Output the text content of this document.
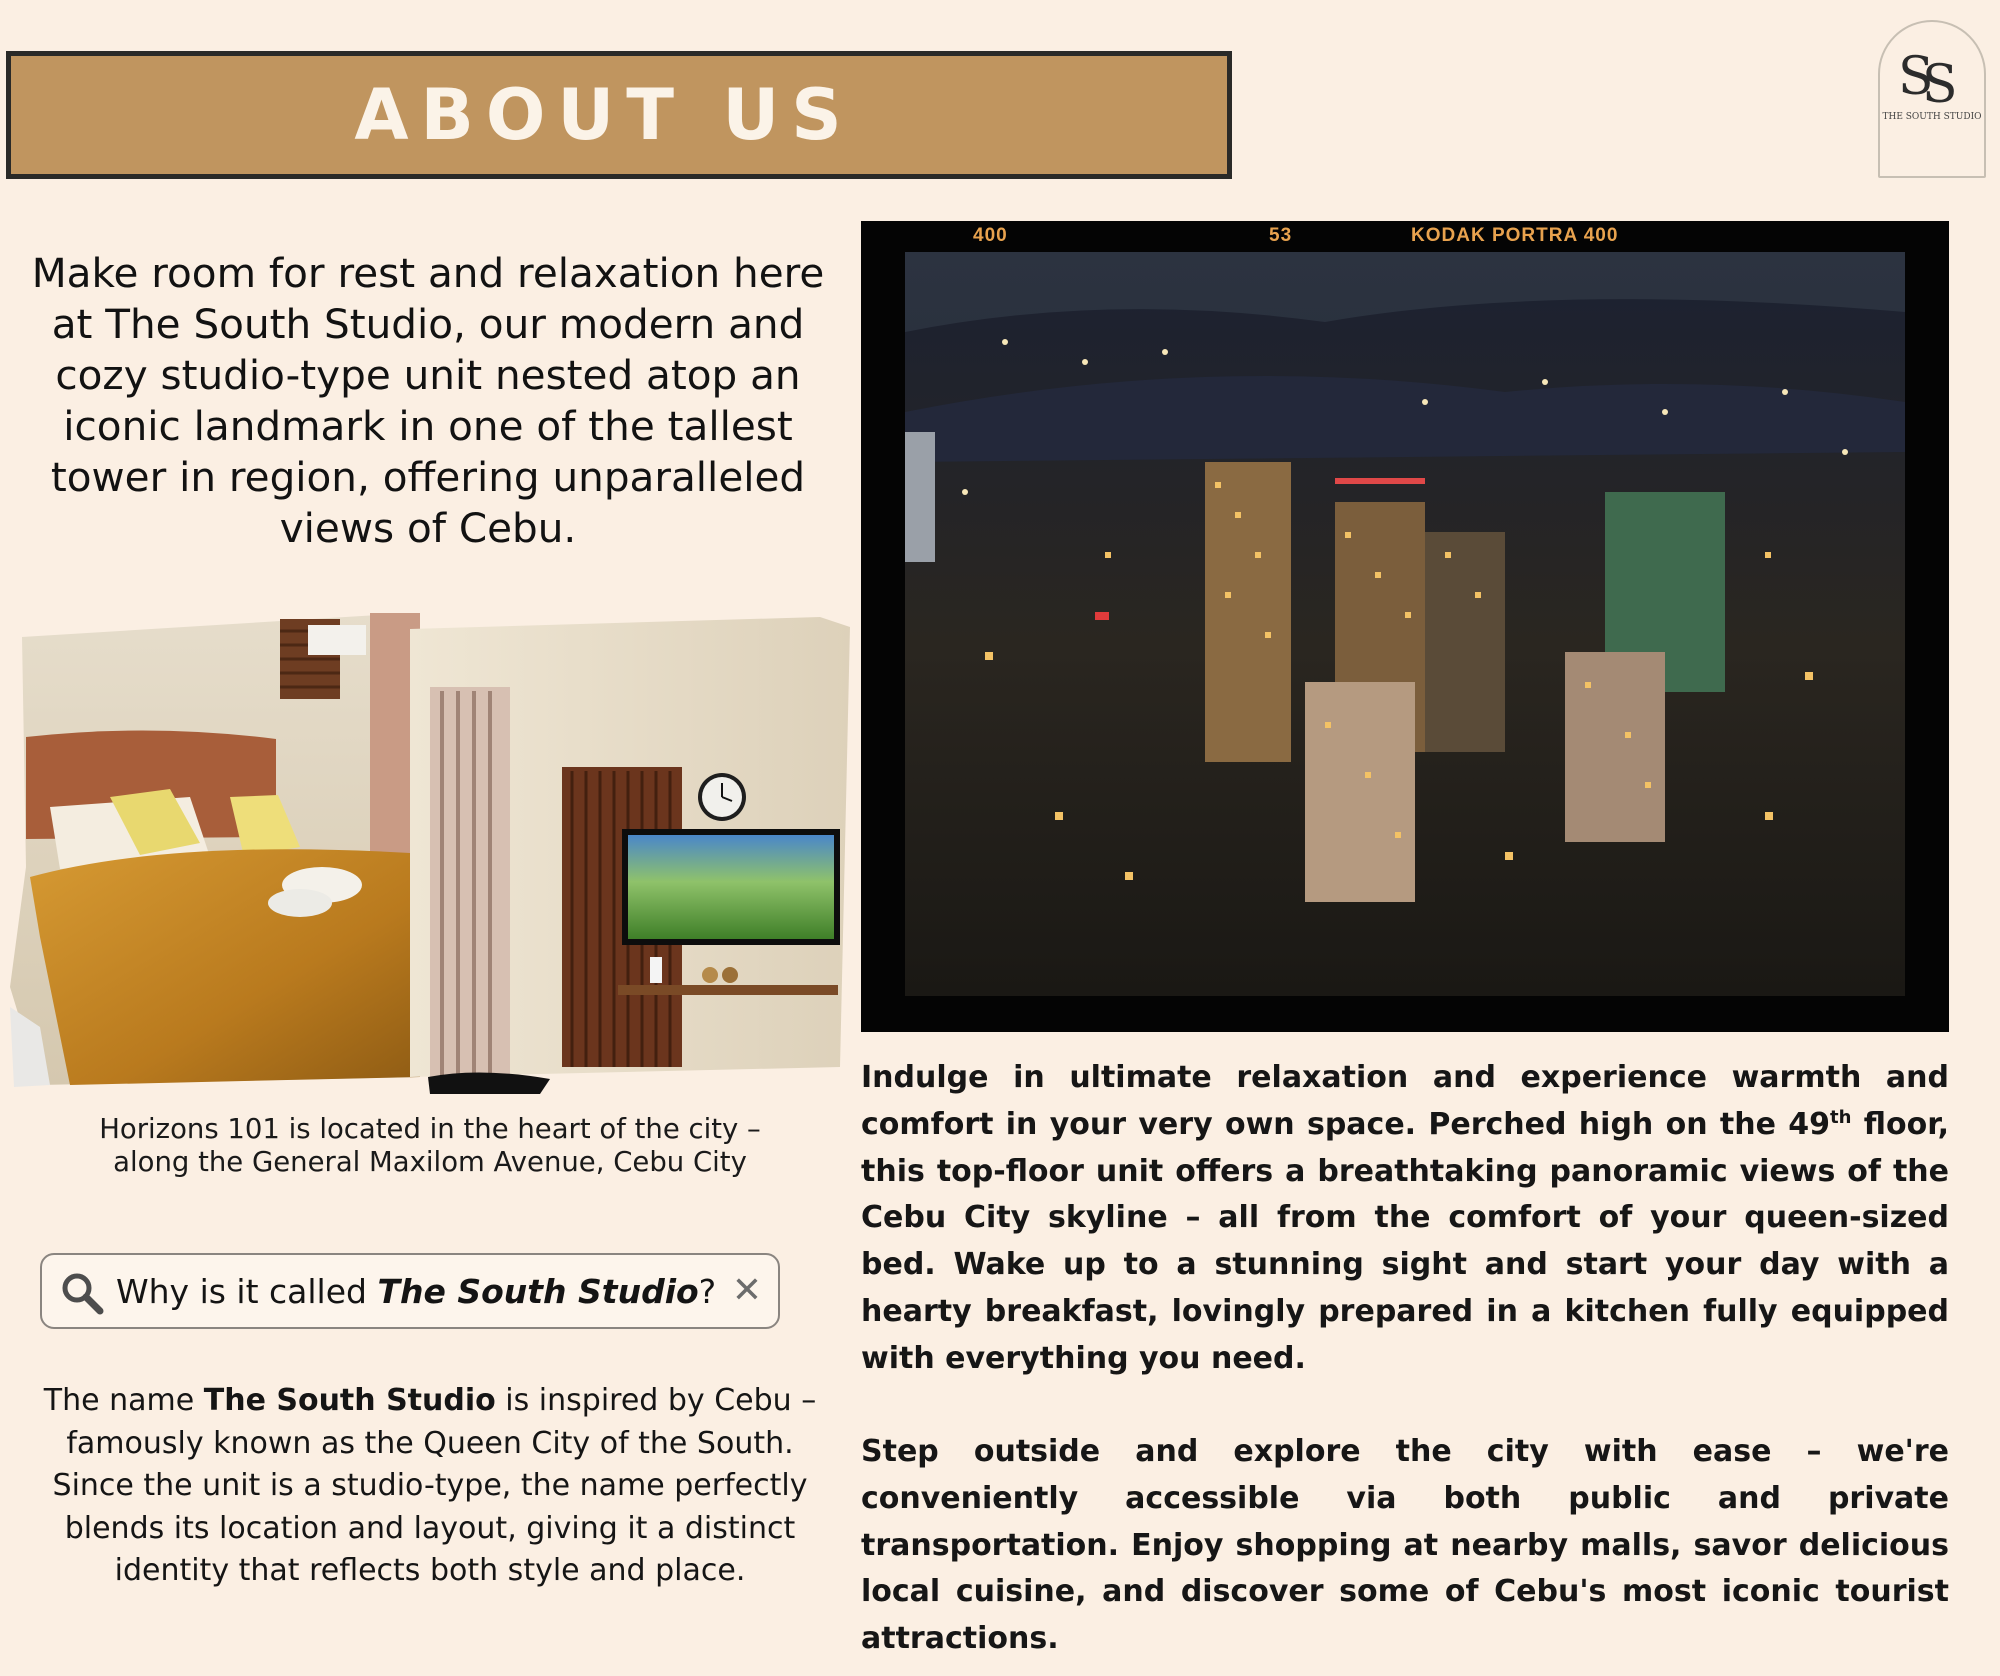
ABOUT US	S
S
THE SOUTH STUDIO

Make room for rest and relaxation here at The South Studio, our modern and cozy studio-type unit nested atop an iconic landmark in one of the tallest tower in region, offering unparalleled views of Cebu.

Horizons 101 is located in the heart of the city –
along the General Maxilom Avenue, Cebu City

Why is it called The South Studio? ✕

The name The South Studio is inspired by Cebu – famously known as the Queen City of the South. Since the unit is a studio-type, the name perfectly blends its location and layout, giving it a distinct identity that reflects both style and place.

400	53	KODAK PORTRA 400

Indulge in ultimate relaxation and experience warmth and comfort in your very own space. Perched high on the 49th floor, this top-floor unit offers a breathtaking panoramic views of the Cebu City skyline – all from the comfort of your queen-sized bed. Wake up to a stunning sight and start your day with a hearty breakfast, lovingly prepared in a kitchen fully equipped with everything you need.

Step outside and explore the city with ease – we're conveniently accessible via both public and private transportation. Enjoy shopping at nearby malls, savor delicious local cuisine, and discover some of Cebu's most iconic tourist attractions.
